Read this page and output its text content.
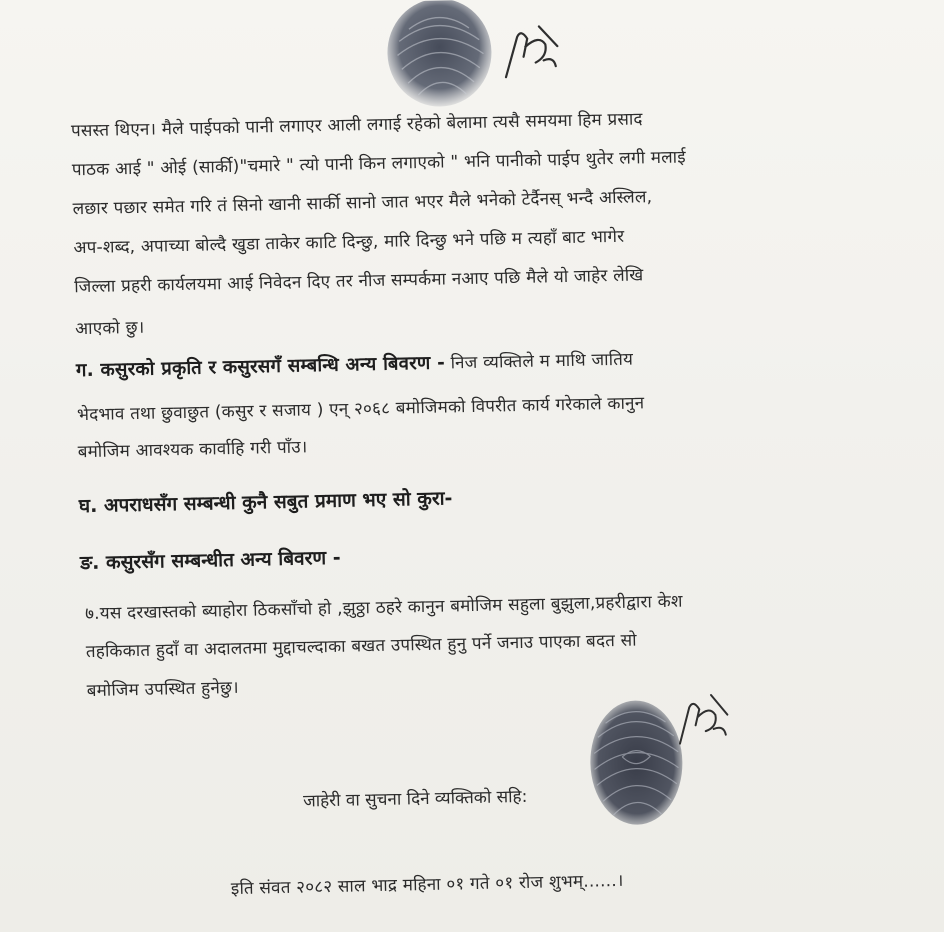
पसस्त थिएन। मैले पाईपको पानी लगाएर आली लगाई रहेको बेलामा त्यसै समयमा हिम प्रसाद
पाठक आई " ओई (सार्की)"चमारे " त्यो पानी किन लगाएको " भनि पानीको पाईप थुतेर लगी मलाई
लछार पछार समेत गरि तं सिनो खानी सार्की सानो जात भएर मैले भनेको टेर्दैनस् भन्दै अस्लिल,
अप-शब्द, अपाच्या बोल्दै खुडा ताकेर काटि दिन्छु, मारि दिन्छु भने पछि म त्यहाँ बाट भागेर
जिल्ला प्रहरी कार्यलयमा आई निवेदन दिए तर नीज सम्पर्कमा नआए पछि मैले यो जाहेर लेखि
आएको छु।
ग. कसुरको प्रकृति र कसुरसगँ सम्बन्धि अन्य बिवरण - निज व्यक्तिले म माथि जातिय
भेदभाव तथा छुवाछुत (कसुर र सजाय ) एन् २०६८ बमोजिमको विपरीत कार्य गरेकाले कानुन
बमोजिम आवश्यक कार्वाहि गरी पाँउ।
घ. अपराधसँग सम्बन्धी कुनै सबुत प्रमाण भए सो कुरा-
ङ. कसुरसँग सम्बन्धीत अन्य बिवरण -
७.यस दरखास्तको ब्याहोरा ठिकसाँचो हो ,झुठ्ठा ठहरे कानुन बमोजिम सहुला बुझुला,प्रहरीद्वारा केश
तहकिकात हुदाँ वा अदालतमा मुद्दाचल्दाका बखत उपस्थित हुनु पर्ने जनाउ पाएका बदत सो
बमोजिम उपस्थित हुनेछु।
जाहेरी वा सुचना दिने व्यक्तिको सहि:
इति संवत २०८२ साल भाद्र महिना ०१ गते ०१ रोज शुभम्......।
